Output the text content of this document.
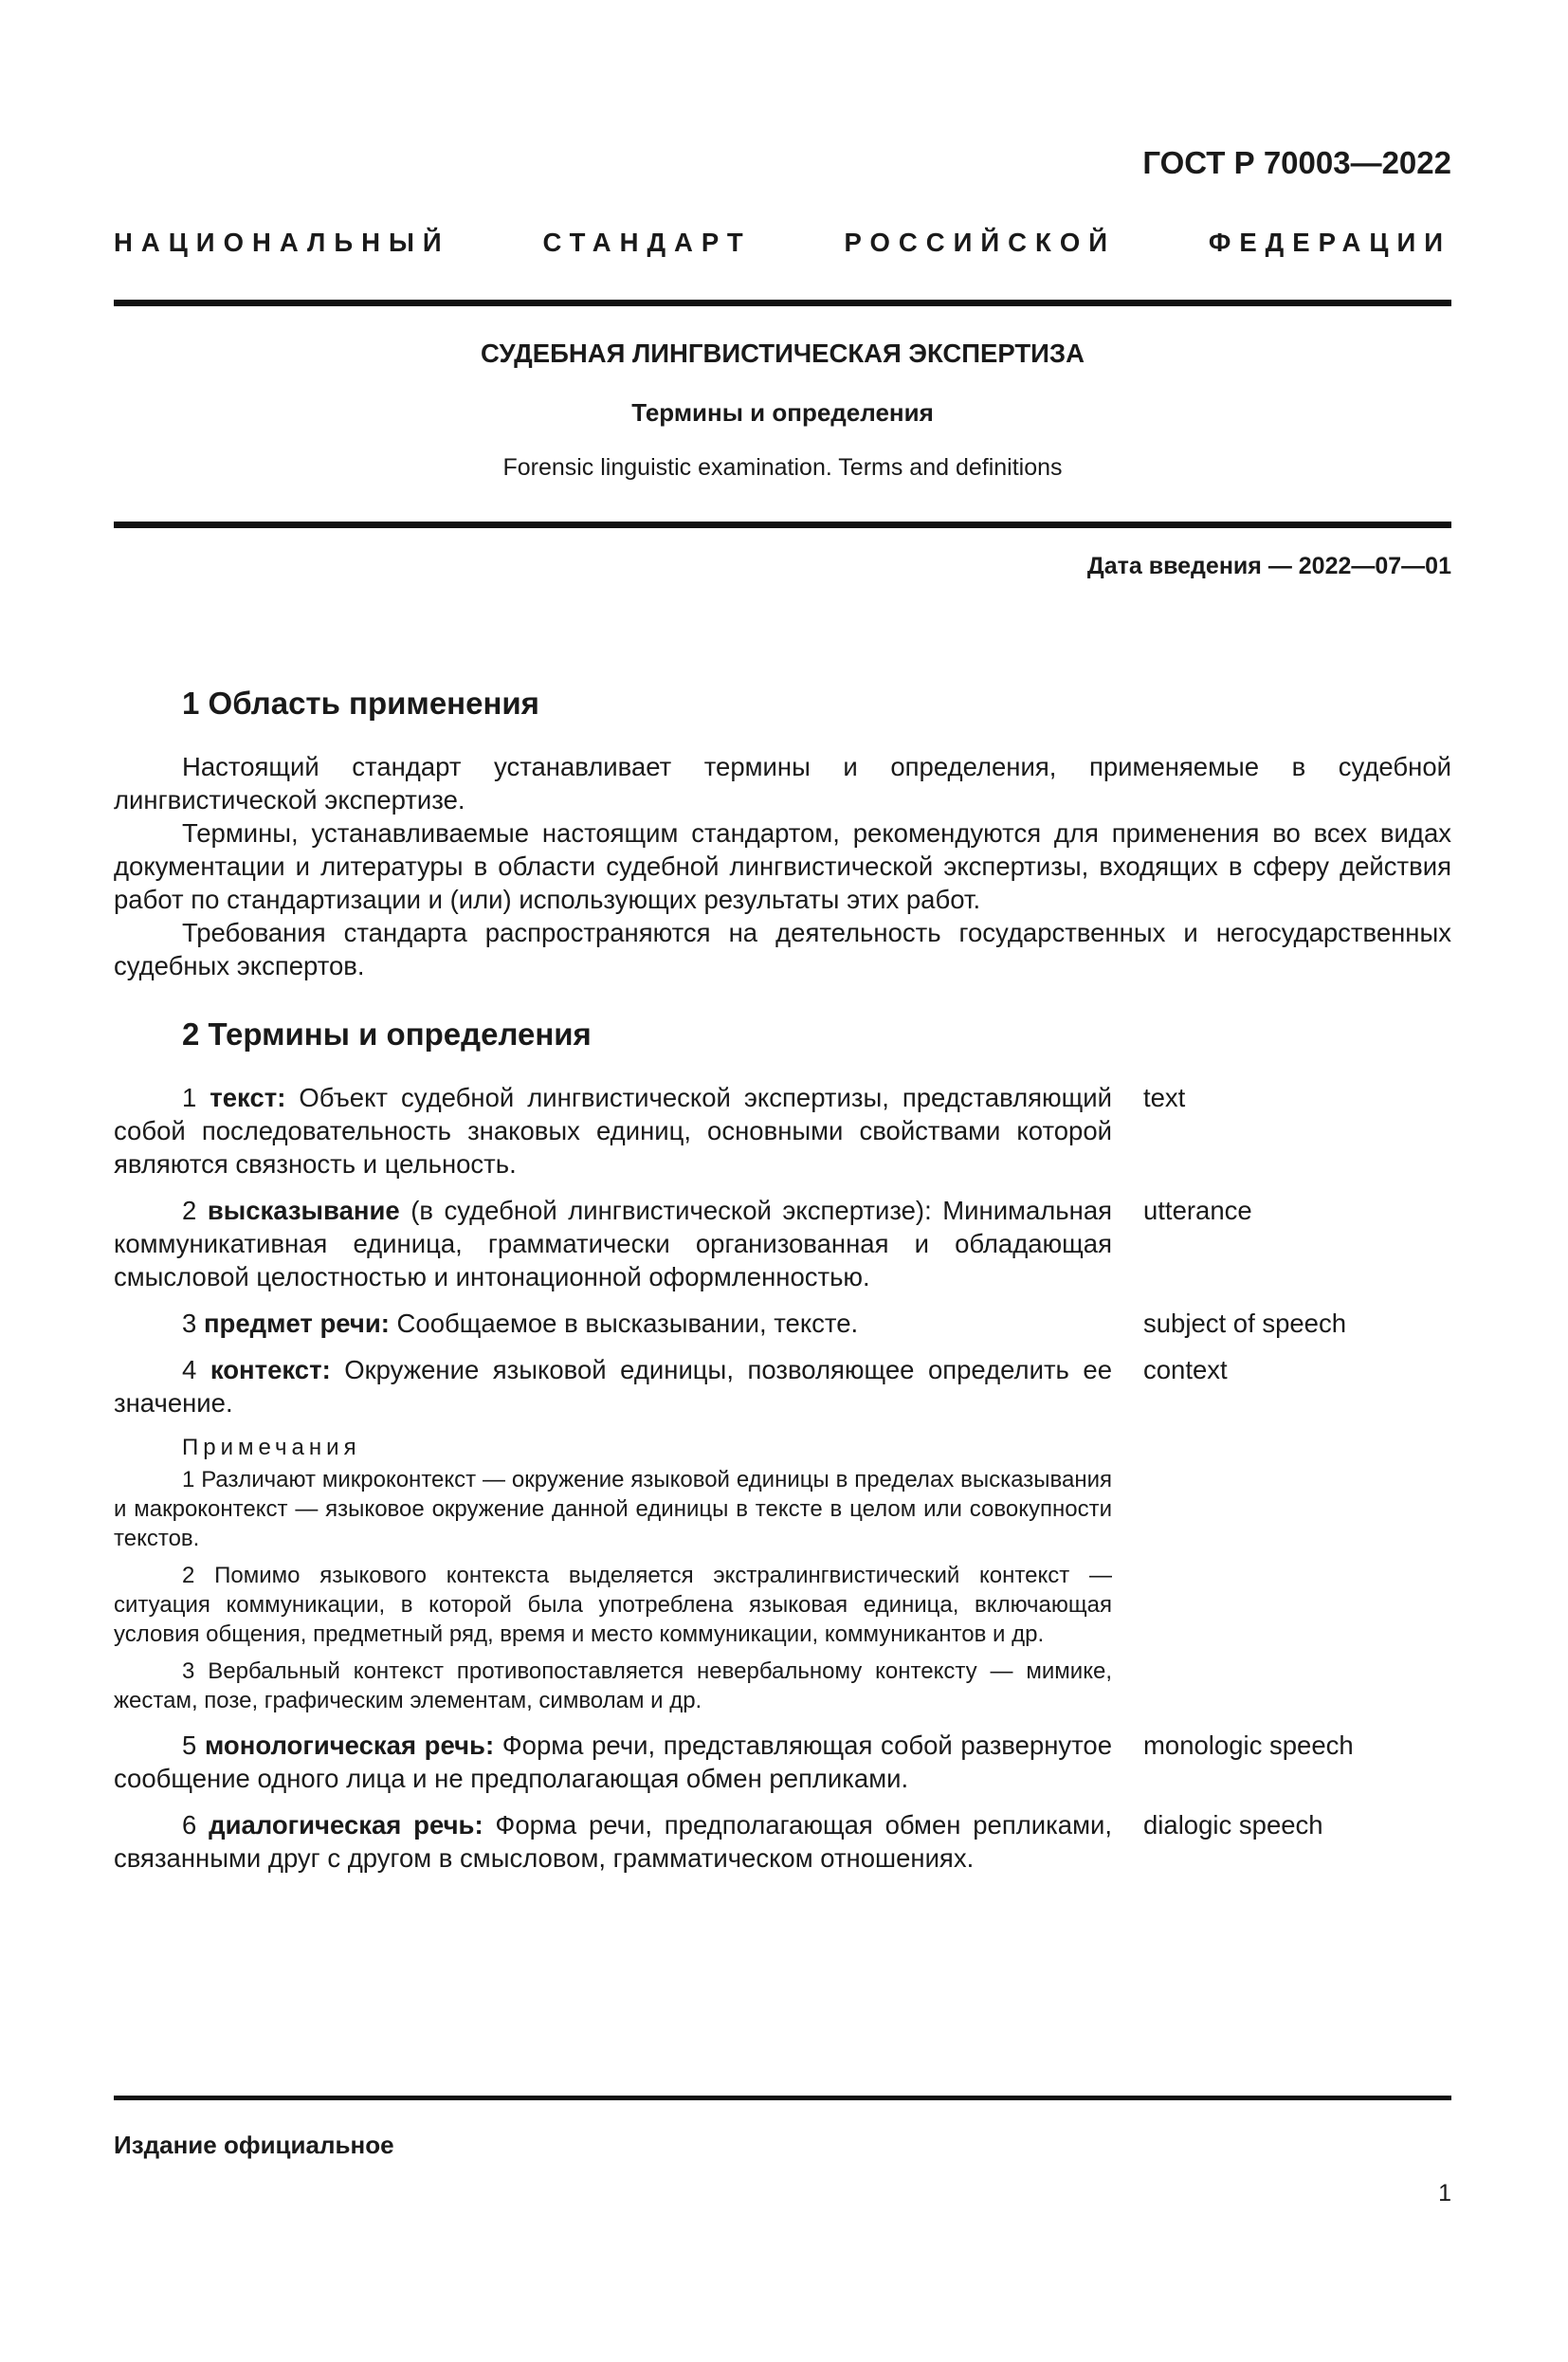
ГОСТ Р 70003—2022
НАЦИОНАЛЬНЫЙ СТАНДАРТ РОССИЙСКОЙ ФЕДЕРАЦИИ
СУДЕБНАЯ ЛИНГВИСТИЧЕСКАЯ ЭКСПЕРТИЗА
Термины и определения
Forensic linguistic examination. Terms and definitions
Дата введения — 2022—07—01
1 Область применения

Настоящий стандарт устанавливает термины и определения, применяемые в судебной лингвистической экспертизе.

Термины, устанавливаемые настоящим стандартом, рекомендуются для применения во всех видах документации и литературы в области судебной лингвистической экспертизы, входящих в сферу действия работ по стандартизации и (или) использующих результаты этих работ.

Требования стандарта распространяются на деятельность государственных и негосударственных судебных экспертов.

2 Термины и определения
1 текст: Объект судебной лингвистической экспертизы, представляющий собой последовательность знаковых единиц, основными свойствами которой являются связность и цельность.
text
2 высказывание (в судебной лингвистической экспертизе): Минимальная коммуникативная единица, грамматически организованная и обладающая смысловой целостностью и интонационной оформленностью.
utterance
3 предмет речи: Сообщаемое в высказывании, тексте.	subject of speech
4 контекст: Окружение языковой единицы, позволяющее определить ее значение.
context
Примечания
1 Различают микроконтекст — окружение языковой единицы в пределах высказывания и макроконтекст — языковое окружение данной единицы в тексте в целом или совокупности текстов.
2 Помимо языкового контекста выделяется экстралингвистический контекст — ситуация коммуникации, в которой была употреблена языковая единица, включающая условия общения, предметный ряд, время и место коммуникации, коммуникантов и др.
3 Вербальный контекст противопоставляется невербальному контексту — мимике, жестам, позе, графическим элементам, символам и др.
5 монологическая речь: Форма речи, представляющая собой развернутое сообщение одного лица и не предполагающая обмен репликами.
monologic speech
6 диалогическая речь: Форма речи, предполагающая обмен репликами, связанными друг с другом в смысловом, грамматическом отношениях.
dialogic speech
Издание официальное
1
